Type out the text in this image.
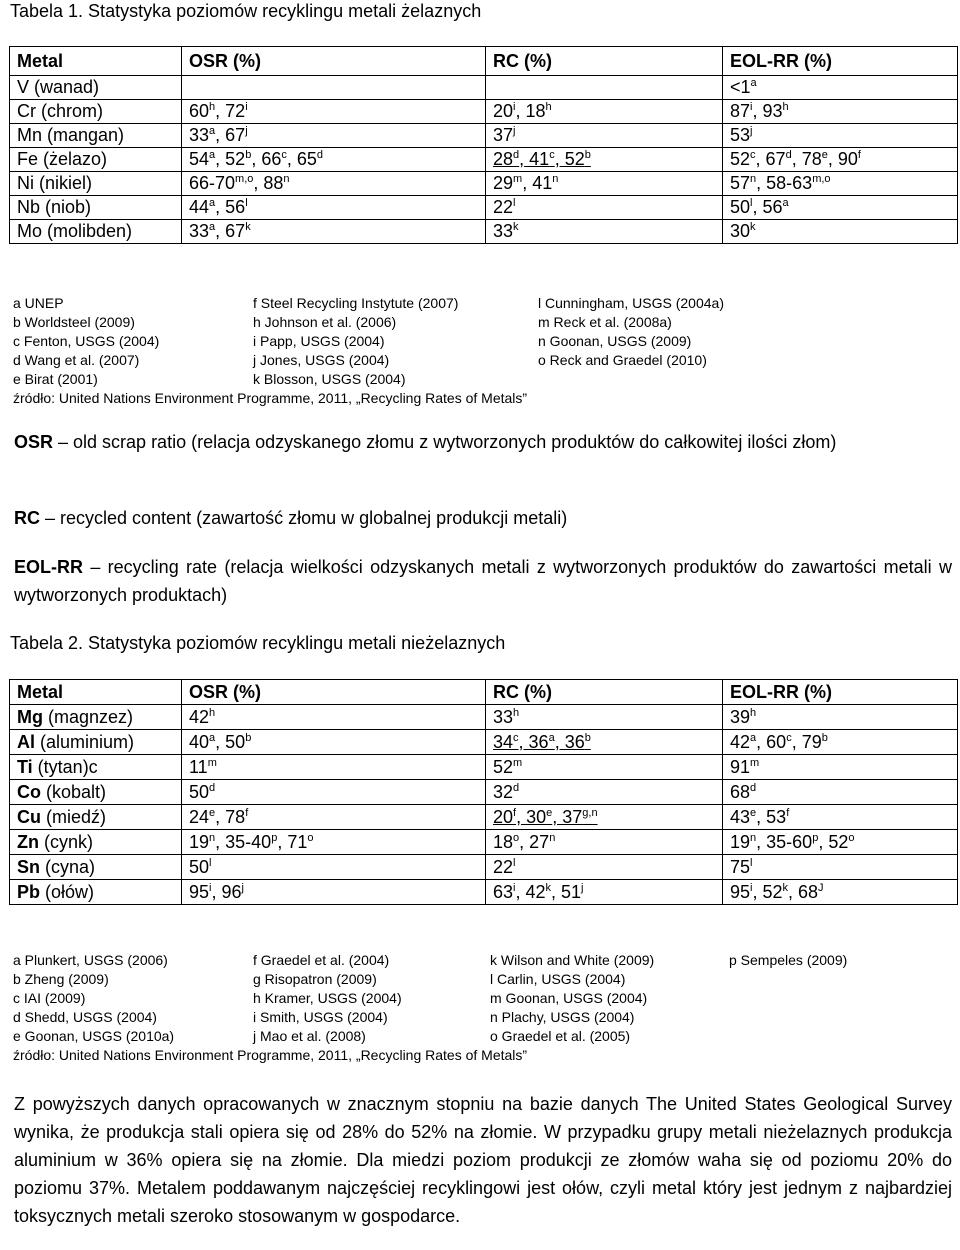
Tabela 1. Statystyka poziomów recyklingu metali żelaznych
Metal	OSR (%)	RC (%)	EOL-RR (%)
V (wanad)			$<1^a$
Cr (chrom)	60$^h$, 72$^i$	20$^i$, 18$^h$	87$^i$, 93$^h$
Mn (mangan)	33$^a$, 67$^j$	37$^j$	53$^j$
Fe (żelazo)	54$^a$, 52$^b$, 66$^c$, 65$^d$	28$^d$, 41$^c$, 52$^b$	52$^c$, 67$^d$, 78e, 90$^f$
Ni (nikiel)	66-70$^{m,o}$, 88$^n$	29$^m$, 41$^n$	57$^n$, 58-63$^{m,o}$
Nb (niob)	44$^a$, 56$^l$	22$^l$	50$^l$, 56$^a$
Mo (molibden)	33$^a$, 67$^k$	33$^k$	30$^k$
a UNEP	f Steel Recycling Instytute (2007)	l Cunningham, USGS (2004a)
b Worldsteel (2009)	h Johnson et al. (2006)	m Reck et al. (2008a)
c Fenton, USGS (2004)	i Papp, USGS (2004)	n Goonan, USGS (2009)
d Wang et al. (2007)	j Jones, USGS (2004)	o Reck and Graedel (2010)
e Birat (2001)	k Blosson, USGS (2004)
źródło: United Nations Environment Programme, 2011, „Recycling Rates of Metals”
OSR – old scrap ratio (relacja odzyskanego złomu z wytworzonych produktów do całkowitej ilości złom)
RC – recycled content (zawartość złomu w globalnej produkcji metali)
EOL-RR – recycling rate (relacja wielkości odzyskanych metali z wytworzonych produktów do zawartości metali w wytworzonych produktach)
Tabela 2. Statystyka poziomów recyklingu metali nieżelaznych
Metal	OSR (%)	RC (%)	EOL-RR (%)
Mg (magnzez)	42$^h$	33$^h$	39$^h$
Al (aluminium)	40$^a$, 50$^b$	34$^c$, 36$^a$, 36$^b$	42$^a$, 60$^c$, 79$^b$
Ti (tytan)c	11$^m$	52$^m$	91$^m$
Co (kobalt)	50$^d$	32$^d$	68$^d$
Cu (miedź)	24e, 78$^f$	20$^f$, 30e, 37$^{g,n}$	43e, 53$^f$
Zn (cynk)	19$^n$, 35-40$^p$, 71$^o$	18$^o$, 27$^n$	19$^n$, 35-60$^p$, 52$^o$
Sn (cyna)	50$^l$	22$^l$	75$^l$
Pb (ołów)	95$^i$, 96$^j$	63$^i$, 42$^k$, 51$^j$	95$^i$, 52$^k$, $68^J$
a Plunkert, USGS (2006)	f Graedel et al. (2004)	k Wilson and White (2009)	p Sempeles (2009)
b Zheng (2009)	g Risopatron (2009)	l Carlin, USGS (2004)
c IAI (2009)	h Kramer, USGS (2004)	m Goonan, USGS (2004)
d Shedd, USGS (2004)	i Smith, USGS (2004)	n Plachy, USGS (2004)
e Goonan, USGS (2010a)	j Mao et al. (2008)	o Graedel et al. (2005)
źródło: United Nations Environment Programme, 2011, „Recycling Rates of Metals”
Z powyższych danych opracowanych w znacznym stopniu na bazie danych The United States Geological Survey wynika, że produkcja stali opiera się od 28% do 52% na złomie. W przypadku grupy metali nieżelaznych produkcja aluminium w 36% opiera się na złomie. Dla miedzi poziom produkcji ze złomów waha się od poziomu 20% do poziomu 37%. Metalem poddawanym najczęściej recyklingowi jest ołów, czyli metal który jest jednym z najbardziej toksycznych metali szeroko stosowanym w gospodarce.
